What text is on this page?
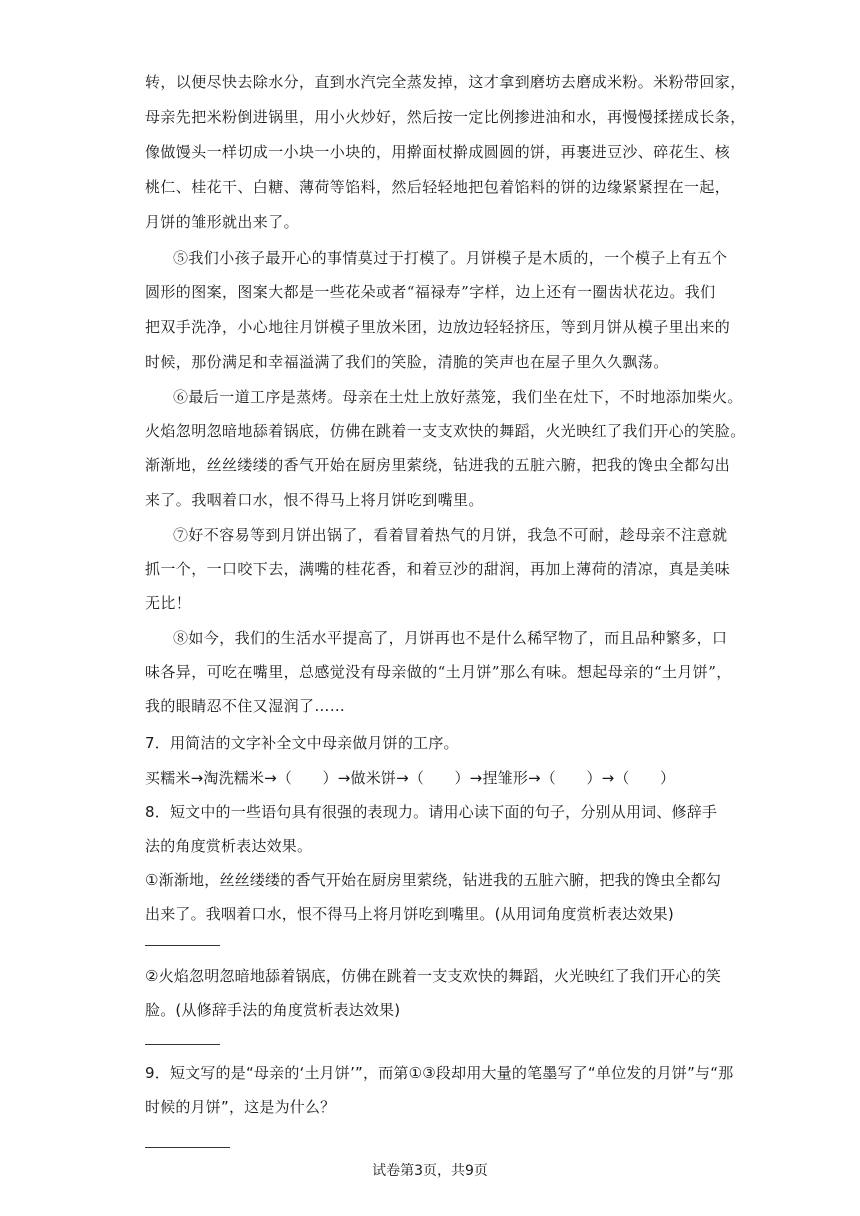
转，以便尽快去除水分，直到水汽完全蒸发掉，这才拿到磨坊去磨成米粉。米粉带回家，
母亲先把米粉倒进锅里，用小火炒好，然后按一定比例掺进油和水，再慢慢揉搓成长条，
像做馒头一样切成一小块一小块的，用擀面杖擀成圆圆的饼，再裹进豆沙、碎花生、核
桃仁、桂花干、白糖、薄荷等馅料，然后轻轻地把包着馅料的饼的边缘紧紧捏在一起，
月饼的雏形就出来了。
⑤我们小孩子最开心的事情莫过于打模了。月饼模子是木质的，一个模子上有五个
圆形的图案，图案大都是一些花朵或者“福禄寿”字样，边上还有一圈齿状花边。我们
把双手洗净，小心地往月饼模子里放米团，边放边轻轻挤压，等到月饼从模子里出来的
时候，那份满足和幸福溢满了我们的笑脸，清脆的笑声也在屋子里久久飘荡。
⑥最后一道工序是蒸烤。母亲在土灶上放好蒸笼，我们坐在灶下，不时地添加柴火。
火焰忽明忽暗地舔着锅底，仿佛在跳着一支支欢快的舞蹈，火光映红了我们开心的笑脸。
渐渐地，丝丝缕缕的香气开始在厨房里萦绕，钻进我的五脏六腑，把我的馋虫全都勾出
来了。我咽着口水，恨不得马上将月饼吃到嘴里。
⑦好不容易等到月饼出锅了，看着冒着热气的月饼，我急不可耐，趁母亲不注意就
抓一个，一口咬下去，满嘴的桂花香，和着豆沙的甜润，再加上薄荷的清凉，真是美味
无比！
⑧如今，我们的生活水平提高了，月饼再也不是什么稀罕物了，而且品种繁多，口
味各异，可吃在嘴里，总感觉没有母亲做的“土月饼”那么有味。想起母亲的“土月饼”，
我的眼睛忍不住又湿润了……
7．用简洁的文字补全文中母亲做月饼的工序。
买糯米→淘洗糯米→（　　）→做米饼→（　　）→捏雏形→（　　）→（　　）
8．短文中的一些语句具有很强的表现力。请用心读下面的句子，分别从用词、修辞手
法的角度赏析表达效果。
①渐渐地，丝丝缕缕的香气开始在厨房里萦绕，钻进我的五脏六腑，把我的馋虫全都勾
出来了。我咽着口水，恨不得马上将月饼吃到嘴里。(从用词角度赏析表达效果)
②火焰忽明忽暗地舔着锅底，仿佛在跳着一支支欢快的舞蹈，火光映红了我们开心的笑
脸。(从修辞手法的角度赏析表达效果)
9．短文写的是“母亲的‘土月饼’”，而第①③段却用大量的笔墨写了“单位发的月饼”与“那
时候的月饼”，这是为什么？
试卷第3页，共9页
